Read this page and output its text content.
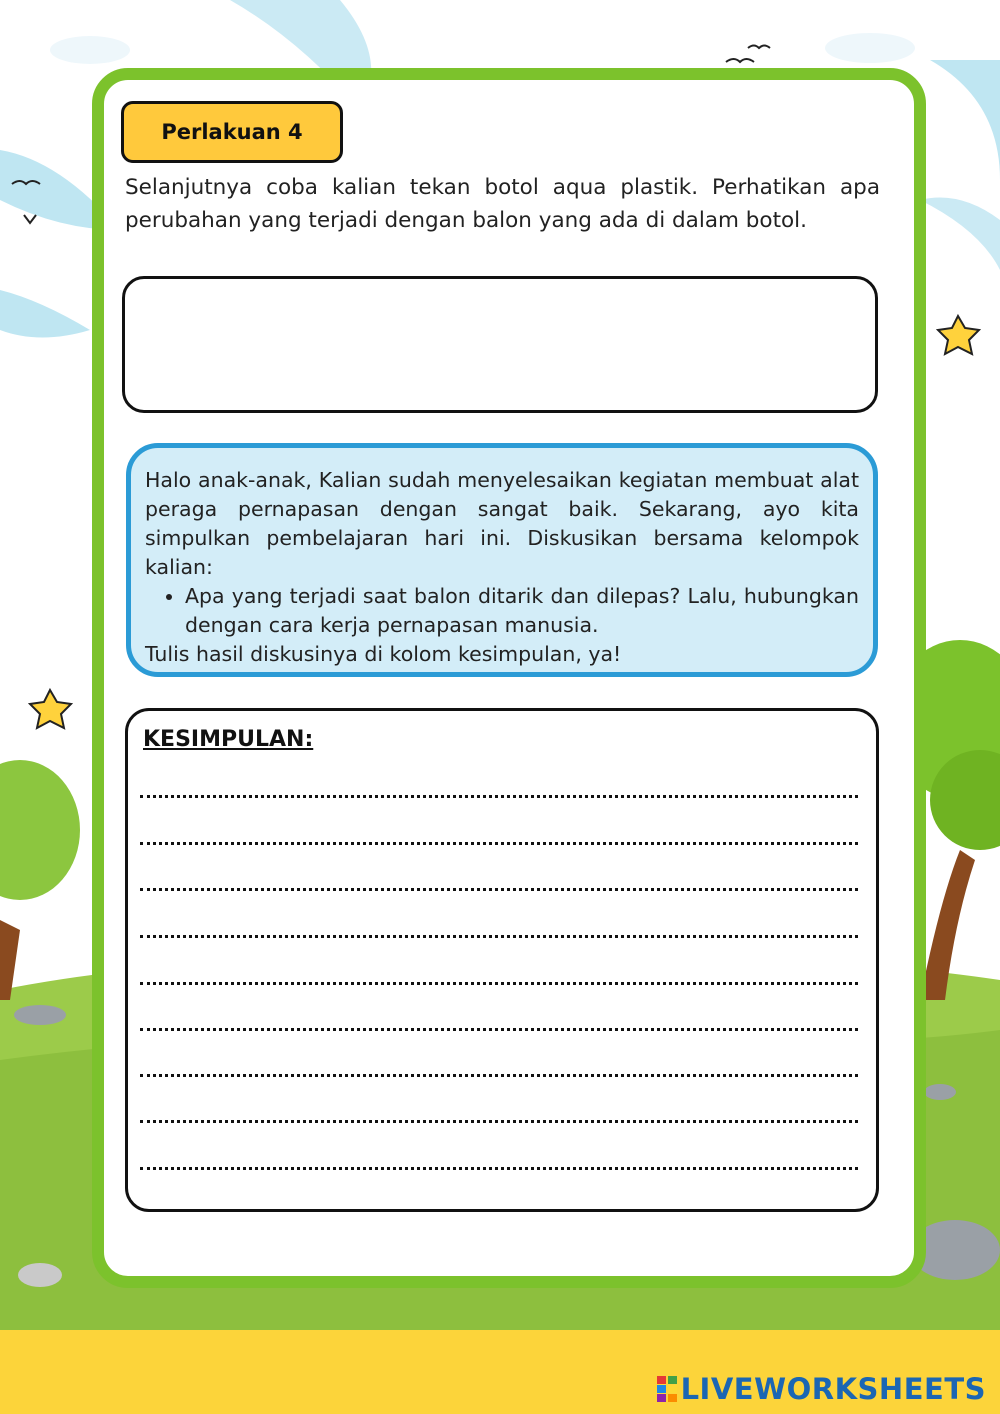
Perlakuan 4

Selanjutnya coba kalian tekan botol aqua plastik. Perhatikan apa perubahan yang terjadi dengan balon yang ada di dalam botol.

Halo anak-anak, Kalian sudah menyelesaikan kegiatan membuat alat peraga pernapasan dengan sangat baik. Sekarang, ayo kita simpulkan pembelajaran hari ini. Diskusikan bersama kelompok kalian:

• Apa yang terjadi saat balon ditarik dan dilepas? Lalu, hubungkan dengan cara kerja pernapasan manusia.

Tulis hasil diskusinya di kolom kesimpulan, ya!

KESIMPULAN:
LIVEWORKSHEETS
